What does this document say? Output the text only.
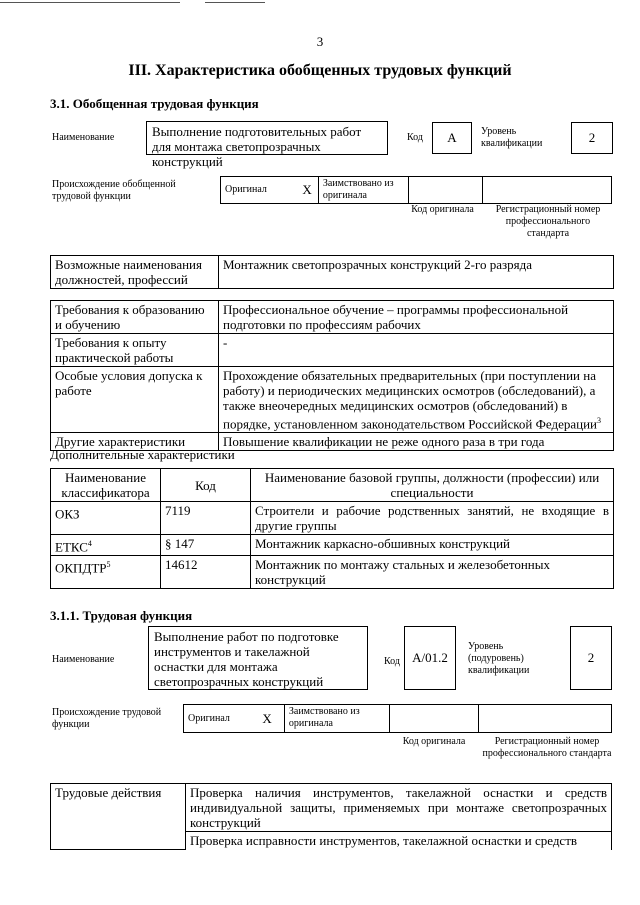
3
III. Характеристика обобщенных трудовых функций
3.1. Обобщенная трудовая функция
Наименование	Выполнение подготовительных работ для монтажа светопрозрачных конструкций
Код	А	Уровень квалификации	2
Происхождение обобщенной трудовой функции
Оригинал	X	Заимствовано из оригинала		
Код оригинала	Регистрационный номер профессионального стандарта
Возможные наименования должностей, профессий	Монтажник светопрозрачных конструкций 2-го разряда
Требования к образованию и обучению	Профессиональное обучение – программы профессиональной подготовки по профессиям рабочих
Требования к опыту практической работы	-
Особые условия допуска к работе	Прохождение обязательных предварительных (при поступлении на работу) и периодических медицинских осмотров (обследований), а также внеочередных медицинских осмотров (обследований) в порядке, установленном законодательством Российской Федерации$^3$
Другие характеристики	Повышение квалификации не реже одного раза в три года
Дополнительные характеристики
Наименование классификатора	Код	Наименование базовой группы, должности (профессии) или специальности
ОКЗ	7119	Строители и рабочие родственных занятий, не входящие в другие группы
ЕТКС$^4$	§ 147	Монтажник каркасно-обшивных конструкций
ОКПДТР$^5$	14612	Монтажник по монтажу стальных и железобетонных конструкций
3.1.1. Трудовая функция
Наименование
Выполнение работ по подготовке инструментов и такелажной оснастки для монтажа светопрозрачных конструкций
Код A/01.2
Уровень (подуровень) квалификации
2
Происхождение трудовой функции
Оригинал	X	Заимствовано из оригинала		
Код оригинала	Регистрационный номер профессионального стандарта
Трудовые действия	Проверка наличия инструментов, такелажной оснастки и средств индивидуальной защиты, применяемых при монтаже светопрозрачных конструкций
Проверка исправности инструментов, такелажной оснастки и средств
